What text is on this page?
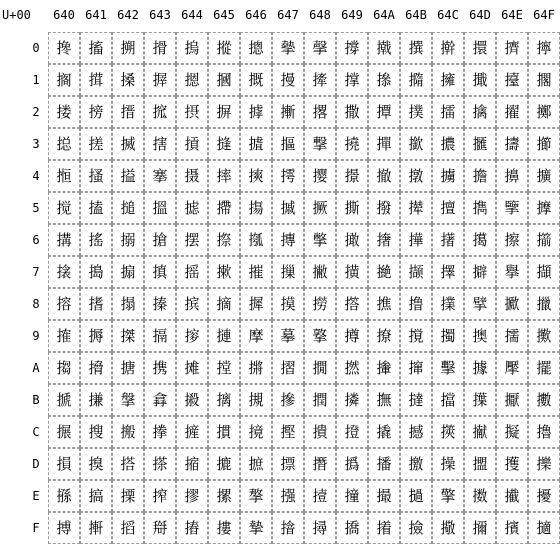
U+00	640 641 642 643 644 645 646 647 648 649 64A 64B 64C 64D 64E 64F
0
1
2
3
4
5
6
7
8
9
A
B
C
D
E
F
搀
搁
搂
搃
搄
搅
搆
搇
搈
搉
搊
搋
搌
損
搎
搏
搐
搑
搒
搓
搔
搕
搖
搗
搘
搙
搚
搛
搜
搝
搞
搟
搠
搡
搢
搣
搤
搥
搦
搧
搨
搩
搪
搫
搬
搭
搮
搯
搰
搱
搲
搳
搴
搵
搶
搷
搸
搹
携
搻
搼
搽
搾
搿
摀
摁
摂
摃
摄
摅
摆
摇
摈
摉
摊
摋
摌
摍
摎
摏
摐
摑
摒
摓
摔
摕
摖
摗
摘
摙
摚
摛
摜
摝
摞
摟
摠
摡
摢
摣
摤
摥
摦
摧
摨
摩
摪
摫
摬
摭
摮
摯
摰
摱
摲
摳
摴
摵
摶
摷
摸
摹
摺
摻
摼
摽
摾
摿
撀
撁
撂
撃
撄
撅
撆
撇
撈
撉
撊
撋
撌
撍
撎
撏
撐
撑
撒
撓
撔
撕
撖
撗
撘
撙
撚
撛
撜
撝
撞
撟
撠
撡
撢
撣
撤
撥
撦
撧
撨
撩
撪
撫
撬
播
撮
撯
撰
撱
撲
撳
撴
撵
撶
撷
撸
撹
撺
撻
撼
撽
撾
撿
擀
擁
擂
擃
擄
擅
擆
擇
擈
擉
擊
擋
擌
操
擎
擏
擐
擑
擒
擓
擔
擕
擖
擗
擘
擙
據
擛
擜
擝
擞
擟
擠
擡
擢
擣
擤
擥
擦
擧
擨
擩
擪
擫
擬
擭
擮
擯
擰
擱
擲
擳
擴
擵
擶
擷
擸
擹
擺
擻
擼
擽
擾
擿
